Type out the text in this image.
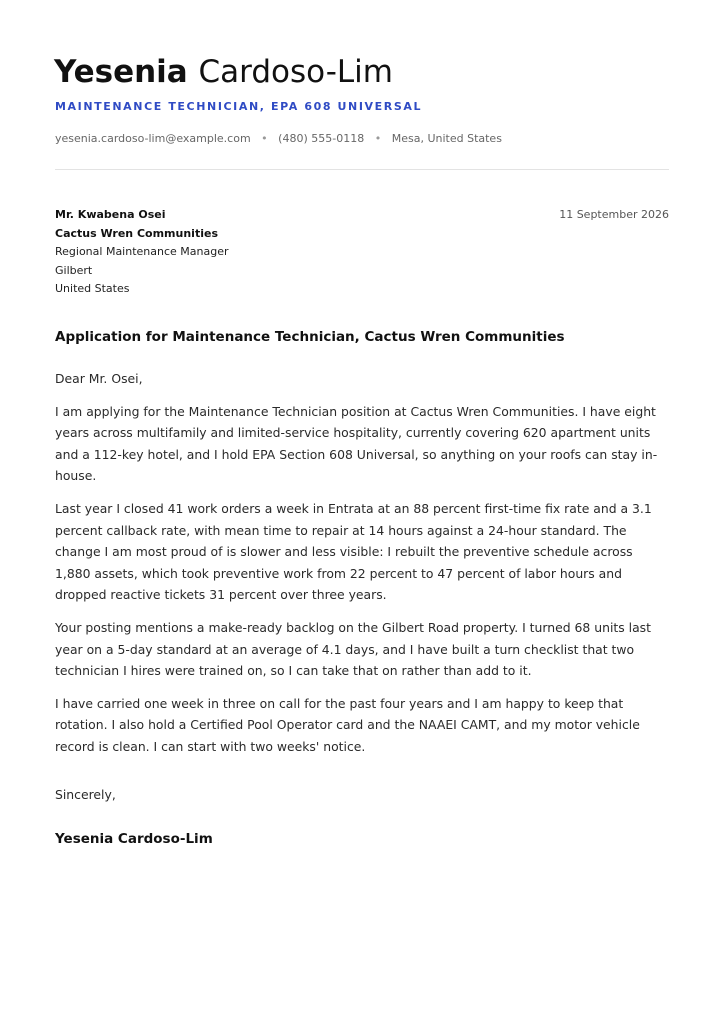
Yesenia Cardoso-Lim
MAINTENANCE TECHNICIAN, EPA 608 UNIVERSAL
yesenia.cardoso-lim@example.com • (480) 555-0118 • Mesa, United States
Mr. Kwabena Osei
Cactus Wren Communities
Regional Maintenance Manager
Gilbert
United States
11 September 2026
Application for Maintenance Technician, Cactus Wren Communities

Dear Mr. Osei,

I am applying for the Maintenance Technician position at Cactus Wren Communities. I have eight years across multifamily and limited-service hospitality, currently covering 620 apartment units and a 112-key hotel, and I hold EPA Section 608 Universal, so anything on your roofs can stay in-house.

Last year I closed 41 work orders a week in Entrata at an 88 percent first-time fix rate and a 3.1 percent callback rate, with mean time to repair at 14 hours against a 24-hour standard. The change I am most proud of is slower and less visible: I rebuilt the preventive schedule across 1,880 assets, which took preventive work from 22 percent to 47 percent of labor hours and dropped reactive tickets 31 percent over three years.

Your posting mentions a make-ready backlog on the Gilbert Road property. I turned 68 units last year on a 5-day standard at an average of 4.1 days, and I have built a turn checklist that two technician I hires were trained on, so I can take that on rather than add to it.

I have carried one week in three on call for the past four years and I am happy to keep that rotation. I also hold a Certified Pool Operator card and the NAAEI CAMT, and my motor vehicle record is clean. I can start with two weeks' notice.

Sincerely,
Yesenia Cardoso-Lim
